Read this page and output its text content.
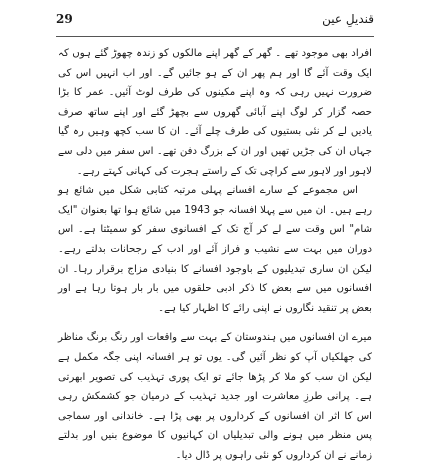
29	قندیلِ عین

افراد بھی موجود تھے ۔ گھر کے گھر اپنے مالکوں کو زندہ چھوڑ گئے ہوں کہ ایک وقت آئے گا اور ہم پھر ان کے ہو جائیں گے۔ اور اب انہیں اس کی ضرورت نہیں رہی کہ وہ اپنے مکینوں کی طرف لوٹ آئیں۔ عمر کا بڑا حصہ گزار کر لوگ اپنے آبائی گھروں سے بچھڑ گئے اور اپنے ساتھ صرف یادیں لے کر نئی بستیوں کی طرف چلے آئے۔ ان کا سب کچھ وہیں رہ گیا جہاں ان کی جڑیں تھیں اور ان کے بزرگ دفن تھے۔ اس سفر میں دلی سے لاہور اور لاہور سے کراچی تک کے راستے ہجرت کی کہانی کہتے رہے۔

اس مجموعے کے سارے افسانے پہلی مرتبہ کتابی شکل میں شائع ہو رہے ہیں۔ ان میں سے پہلا افسانہ جو 1943 میں شائع ہوا تھا بعنوان "ایک شام" اس وقت سے لے کر آج تک کے افسانوی سفر کو سمیٹتا ہے۔ اس دوران میں بہت سے نشیب و فراز آئے اور ادب کے رجحانات بدلتے رہے۔ لیکن ان ساری تبدیلیوں کے باوجود افسانے کا بنیادی مزاج برقرار رہا۔ ان افسانوں میں سے بعض کا ذکر ادبی حلقوں میں بار بار ہوتا رہا ہے اور بعض پر تنقید نگاروں نے اپنی رائے کا اظہار کیا ہے۔

میرے ان افسانوں میں ہندوستان کے بہت سے واقعات اور رنگ برنگ مناظر کی جھلکیاں آپ کو نظر آئیں گی۔ یوں تو ہر افسانہ اپنی جگہ مکمل ہے لیکن ان سب کو ملا کر پڑھا جائے تو ایک پوری تہذیب کی تصویر ابھرتی ہے۔ پرانی طرزِ معاشرت اور جدید تہذیب کے درمیان جو کشمکش رہی اس کا اثر ان افسانوں کے کرداروں پر بھی پڑا ہے۔ خاندانی اور سماجی پس منظر میں ہونے والی تبدیلیاں ان کہانیوں کا موضوع بنیں اور بدلتے زمانے نے ان کرداروں کو نئی راہوں پر ڈال دیا۔
